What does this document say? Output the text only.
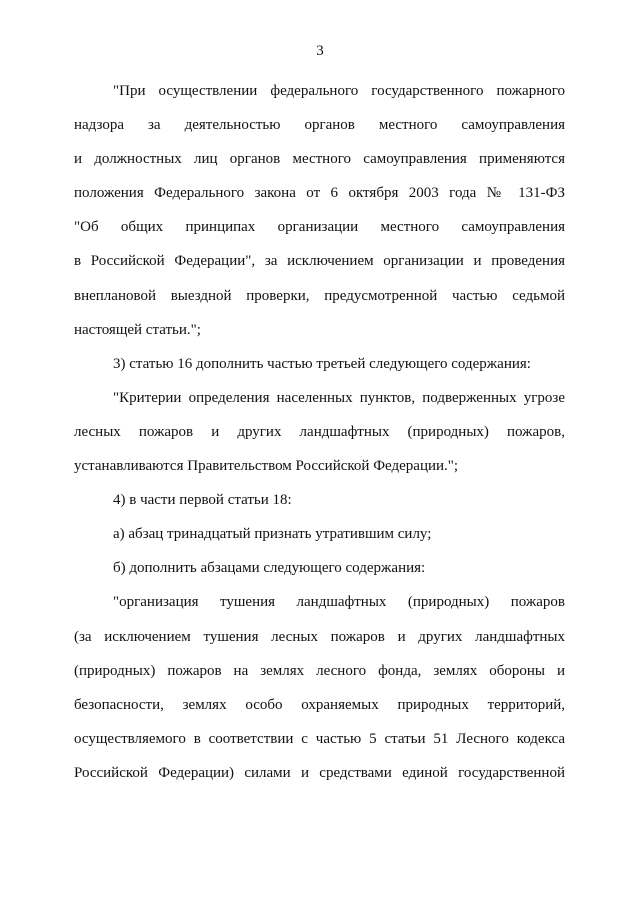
3
"При осуществлении федерального государственного пожарного
надзора за деятельностью органов местного самоуправления
и должностных лиц органов местного самоуправления применяются
положения Федерального закона от 6 октября 2003 года № 131-ФЗ
"Об общих принципах организации местного самоуправления
в Российской Федерации", за исключением организации и проведения
внеплановой выездной проверки, предусмотренной частью седьмой
настоящей статьи.";
3) статью 16 дополнить частью третьей следующего содержания:
"Критерии определения населенных пунктов, подверженных угрозе
лесных пожаров и других ландшафтных (природных) пожаров,
устанавливаются Правительством Российской Федерации.";
4) в части первой статьи 18:
а) абзац тринадцатый признать утратившим силу;
б) дополнить абзацами следующего содержания:
"организация тушения ландшафтных (природных) пожаров
(за исключением тушения лесных пожаров и других ландшафтных
(природных) пожаров на землях лесного фонда, землях обороны и
безопасности, землях особо охраняемых природных территорий,
осуществляемого в соответствии с частью 5 статьи 51 Лесного кодекса
Российской Федерации) силами и средствами единой государственной
